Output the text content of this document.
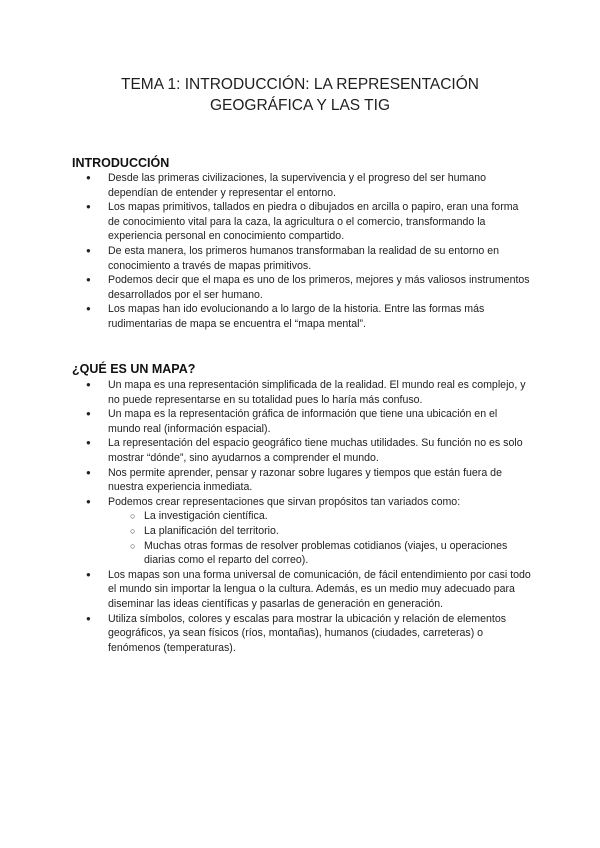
TEMA 1: INTRODUCCIÓN: LA REPRESENTACIÓN
GEOGRÁFICA Y LAS TIG
INTRODUCCIÓN
● Desde las primeras civilizaciones, la supervivencia y el progreso del ser humano dependían de entender y representar el entorno.
● Los mapas primitivos, tallados en piedra o dibujados en arcilla o papiro, eran una forma de conocimiento vital para la caza, la agricultura o el comercio, transformando la experiencia personal en conocimiento compartido.
● De esta manera, los primeros humanos transformaban la realidad de su entorno en conocimiento a través de mapas primitivos.
● Podemos decir que el mapa es uno de los primeros, mejores y más valiosos instrumentos desarrollados por el ser humano.
● Los mapas han ido evolucionando a lo largo de la historia. Entre las formas más rudimentarias de mapa se encuentra el “mapa mental”.
¿QUÉ ES UN MAPA?
● Un mapa es una representación simplificada de la realidad. El mundo real es complejo, y no puede representarse en su totalidad pues lo haría más confuso.
● Un mapa es la representación gráfica de información que tiene una ubicación en el mundo real (información espacial).
● La representación del espacio geográfico tiene muchas utilidades. Su función no es solo mostrar “dónde”, sino ayudarnos a comprender el mundo.
● Nos permite aprender, pensar y razonar sobre lugares y tiempos que están fuera de nuestra experiencia inmediata.
● Podemos crear representaciones que sirvan propósitos tan variados como:
○ La investigación científica.
○ La planificación del territorio.
○ Muchas otras formas de resolver problemas cotidianos (viajes, u operaciones diarias como el reparto del correo).
● Los mapas son una forma universal de comunicación, de fácil entendimiento por casi todo el mundo sin importar la lengua o la cultura. Además, es un medio muy adecuado para diseminar las ideas científicas y pasarlas de generación en generación.
● Utiliza símbolos, colores y escalas para mostrar la ubicación y relación de elementos geográficos, ya sean físicos (ríos, montañas), humanos (ciudades, carreteras) o fenómenos (temperaturas).
